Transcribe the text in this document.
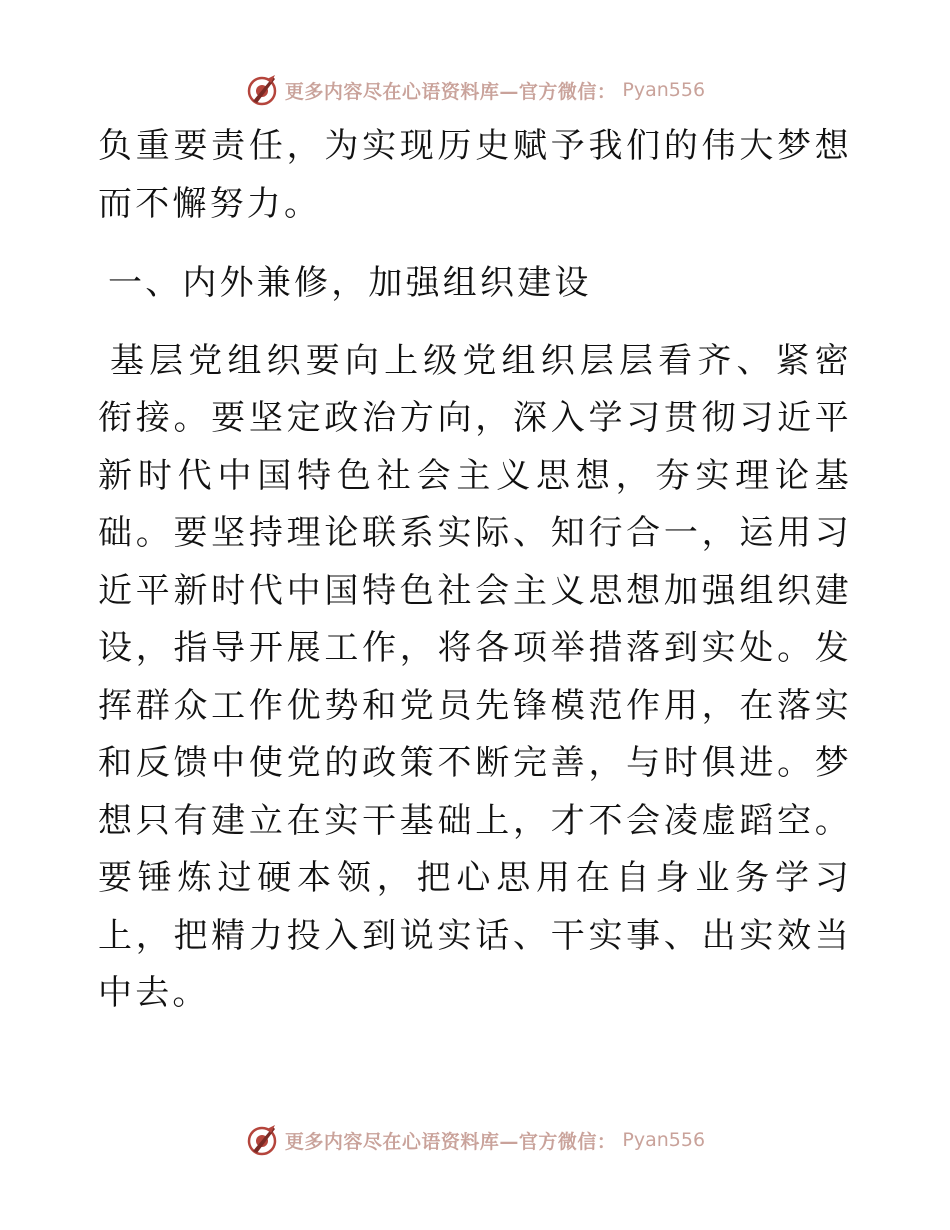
更多内容尽在心语资料库—官方微信： Pyan556

负重要责任，为实现历史赋予我们的伟大梦想而不懈努力。

一、内外兼修，加强组织建设

基层党组织要向上级党组织层层看齐、紧密衔接。要坚定政治方向，深入学习贯彻习近平新时代中国特色社会主义思想，夯实理论基础。要坚持理论联系实际、知行合一，运用习近平新时代中国特色社会主义思想加强组织建设，指导开展工作，将各项举措落到实处。发挥群众工作优势和党员先锋模范作用，在落实和反馈中使党的政策不断完善，与时俱进。梦想只有建立在实干基础上，才不会凌虚蹈空。要锤炼过硬本领，把心思用在自身业务学习上，把精力投入到说实话、干实事、出实效当中去。

更多内容尽在心语资料库—官方微信： Pyan556
